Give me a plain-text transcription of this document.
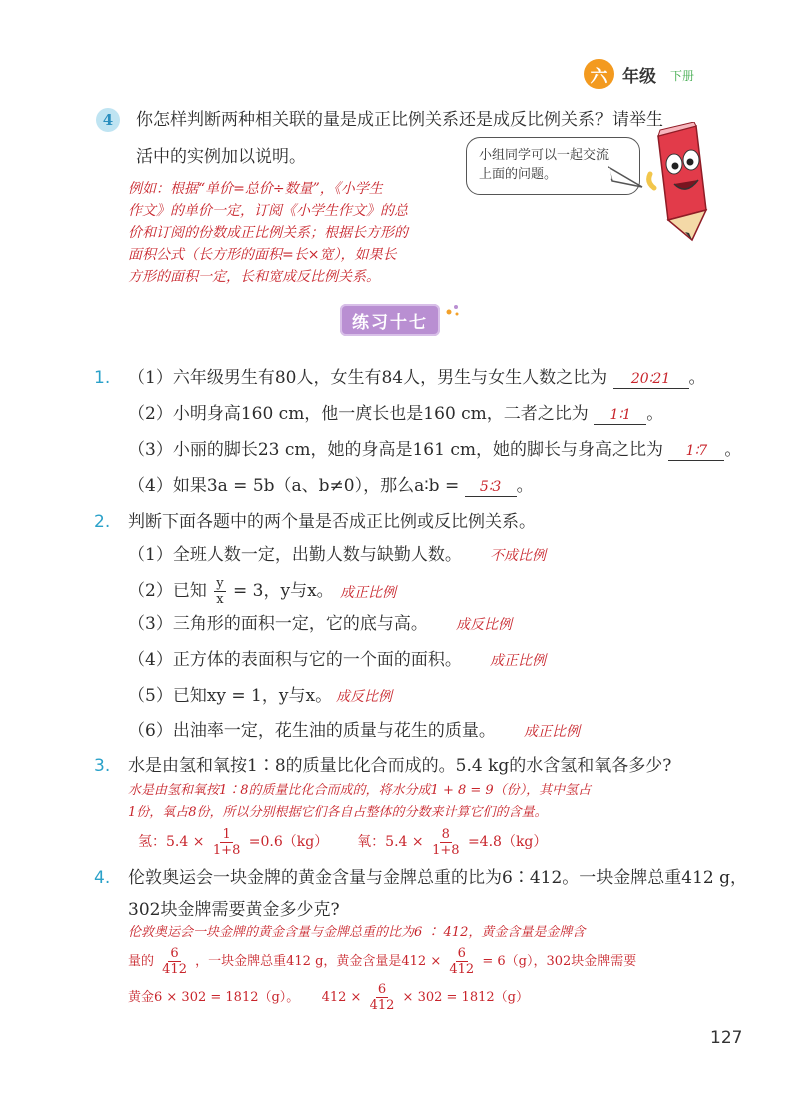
六 年级 下册
4 你怎样判断两种相关联的量是成正比例关系还是成反比例关系？请举生
活中的实例加以说明。	小组同学可以一起交流
上面的问题。
例如：根据“单价=总价÷数量”，《小学生
作文》的单价一定，订阅《小学生作文》的总
价和订阅的份数成正比例关系；根据长方形的
面积公式（长方形的面积=长×宽），如果长
方形的面积一定，长和宽成反比例关系。
练习十七
1. （1）六年级男生有80人，女生有84人，男生与女生人数之比为 20∶21 。
（2）小明身高160 cm，他一庹长也是160 cm，二者之比为 1∶1 。
（3）小丽的脚长23 cm，她的身高是161 cm，她的脚长与身高之比为 1∶7 。
（4）如果3a = 5b（a、b≠0），那么a∶b = 5∶3 。
2. 判断下面各题中的两个量是否成正比例或反比例关系。
（1）全班人数一定，出勤人数与缺勤人数。 不成比例
（2）已知 $\frac{y}{x} = 3$，y与x。 成正比例
（3）三角形的面积一定，它的底与高。 成反比例
（4）正方体的表面积与它的一个面的面积。 成正比例
（5）已知xy = 1，y与x。 成反比例
（6）出油率一定，花生油的质量与花生的质量。 成正比例
3. 水是由氢和氧按1∶8的质量比化合而成的。5.4 kg的水含氢和氧各多少?
水是由氢和氧按1∶8的质量比化合而成的，将水分成1 + 8 = 9（份），其中氢占
1份，氧占8份，所以分别根据它们各自占整体的分数来计算它们的含量。
氢：$5.4 \times \frac{1}{1+8} =0.6(kg)$ 氧：$5.4 \times \frac{8}{1+8} =4.8(kg)$
4. 伦敦奥运会一块金牌的黄金含量与金牌总重的比为6∶412。一块金牌总重412 g，
302块金牌需要黄金多少克?
伦敦奥运会一块金牌的黄金含量与金牌总重的比为6 ∶ 412，黄金含量是金牌含
量的 $\frac{6}{412}$ ，一块金牌总重412 g，黄金含量是$412 \times \frac{6}{412} = 6(g)$，302块金牌需要
黄金6 × 302 = 1812（g）。 $412 \times \frac{6}{412} \times 302 = 1812(g)$
127
